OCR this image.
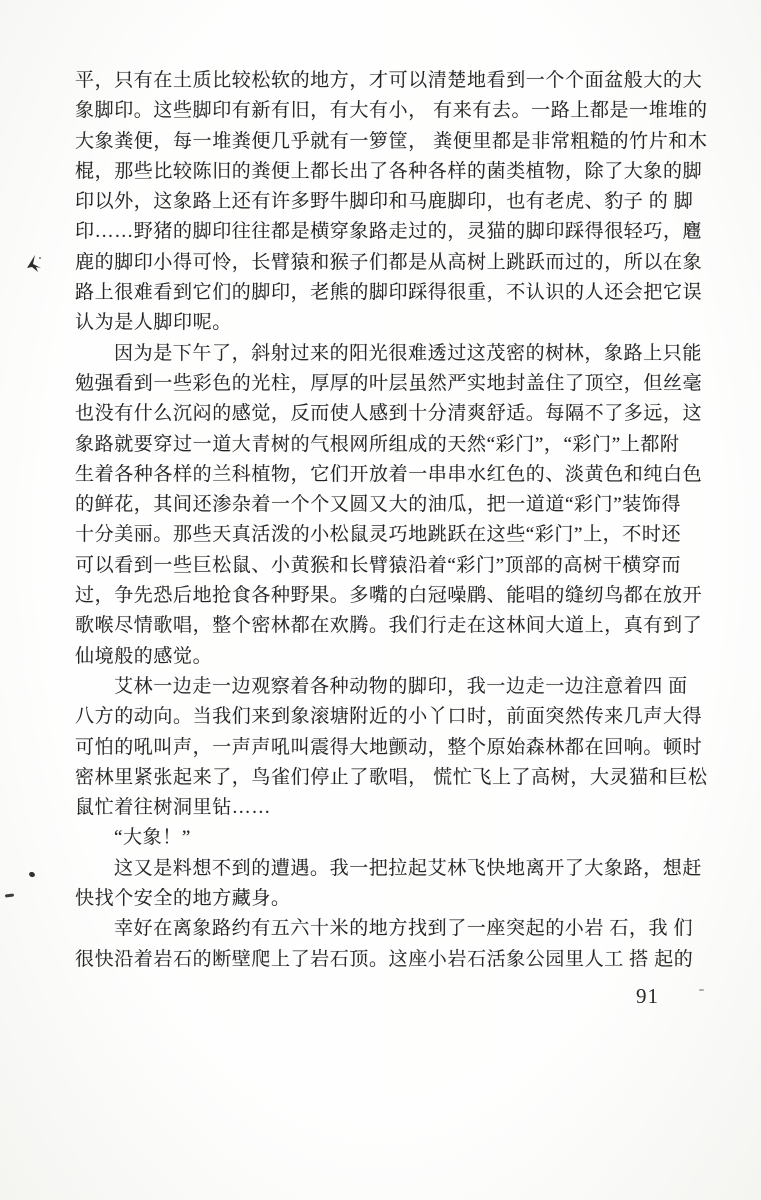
平，只有在土质比较松软的地方，才可以清楚地看到一个个面盆般大的大
象脚印。这些脚印有新有旧，有大有小， 有来有去。一路上都是一堆堆的
大象粪便，每一堆粪便几乎就有一箩筐， 粪便里都是非常粗糙的竹片和木
棍，那些比较陈旧的粪便上都长出了各种各样的菌类植物，除了大象的脚
印以外，这象路上还有许多野牛脚印和马鹿脚印，也有老虎、豹子 的 脚
印……野猪的脚印往往都是横穿象路走过的，灵猫的脚印踩得很轻巧，麅
鹿的脚印小得可怜，长臂猿和猴子们都是从高树上跳跃而过的，所以在象
路上很难看到它们的脚印，老熊的脚印踩得很重，不认识的人还会把它误
认为是人脚印呢。
因为是下午了，斜射过来的阳光很难透过这茂密的树林，象路上只能
勉强看到一些彩色的光柱，厚厚的叶层虽然严实地封盖住了顶空，但丝毫
也没有什么沉闷的感觉，反而使人感到十分清爽舒适。每隔不了多远，这
象路就要穿过一道大青树的气根网所组成的天然“彩门”，“彩门”上都附
生着各种各样的兰科植物，它们开放着一串串水红色的、淡黄色和纯白色
的鲜花，其间还渗杂着一个个又圆又大的油瓜，把一道道“彩门”装饰得
十分美丽。那些天真活泼的小松鼠灵巧地跳跃在这些“彩门”上，不时还
可以看到一些巨松鼠、小黄猴和长臂猿沿着“彩门”顶部的高树干横穿而
过，争先恐后地抢食各种野果。多嘴的白冠噪鹛、能唱的缝纫鸟都在放开
歌喉尽情歌唱，整个密林都在欢腾。我们行走在这林间大道上，真有到了
仙境般的感觉。
艾林一边走一边观察着各种动物的脚印，我一边走一边注意着四 面
八方的动向。当我们来到象滚塘附近的小丫口时，前面突然传来几声大得
可怕的吼叫声，一声声吼叫震得大地颤动，整个原始森林都在回响。顿时
密林里紧张起来了，鸟雀们停止了歌唱， 慌忙飞上了高树，大灵猫和巨松
鼠忙着往树洞里钻……
“大象！”
这又是料想不到的遭遇。我一把拉起艾林飞快地离开了大象路，想赶
快找个安全的地方藏身。
幸好在离象路约有五六十米的地方找到了一座突起的小岩 石，我 们
很快沿着岩石的断壁爬上了岩石顶。这座小岩石活象公园里人工 搭 起的
91
